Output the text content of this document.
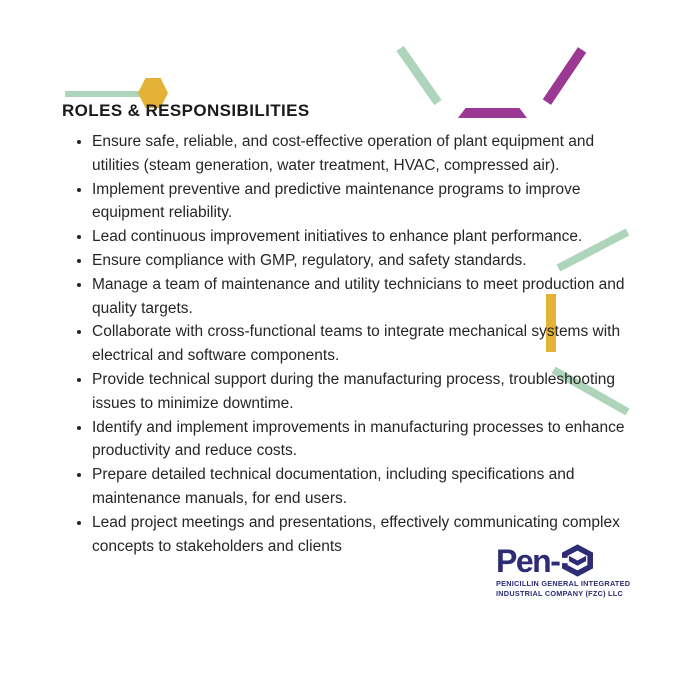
ROLES & RESPONSIBILITIES
• Ensure safe, reliable, and cost-effective operation of plant equipment and utilities (steam generation, water treatment, HVAC, compressed air).
• Implement preventive and predictive maintenance programs to improve equipment reliability.
• Lead continuous improvement initiatives to enhance plant performance.
• Ensure compliance with GMP, regulatory, and safety standards.
• Manage a team of maintenance and utility technicians to meet production and quality targets.
• Collaborate with cross-functional teams to integrate mechanical systems with electrical and software components.
• Provide technical support during the manufacturing process, troubleshooting issues to minimize downtime.
• Identify and implement improvements in manufacturing processes to enhance productivity and reduce costs.
• Prepare detailed technical documentation, including specifications and maintenance manuals, for end users.
• Lead project meetings and presentations, effectively communicating complex concepts to stakeholders and clients	Pen-
PENICILLIN GENERAL INTEGRATED
INDUSTRIAL COMPANY (FZC) LLC
